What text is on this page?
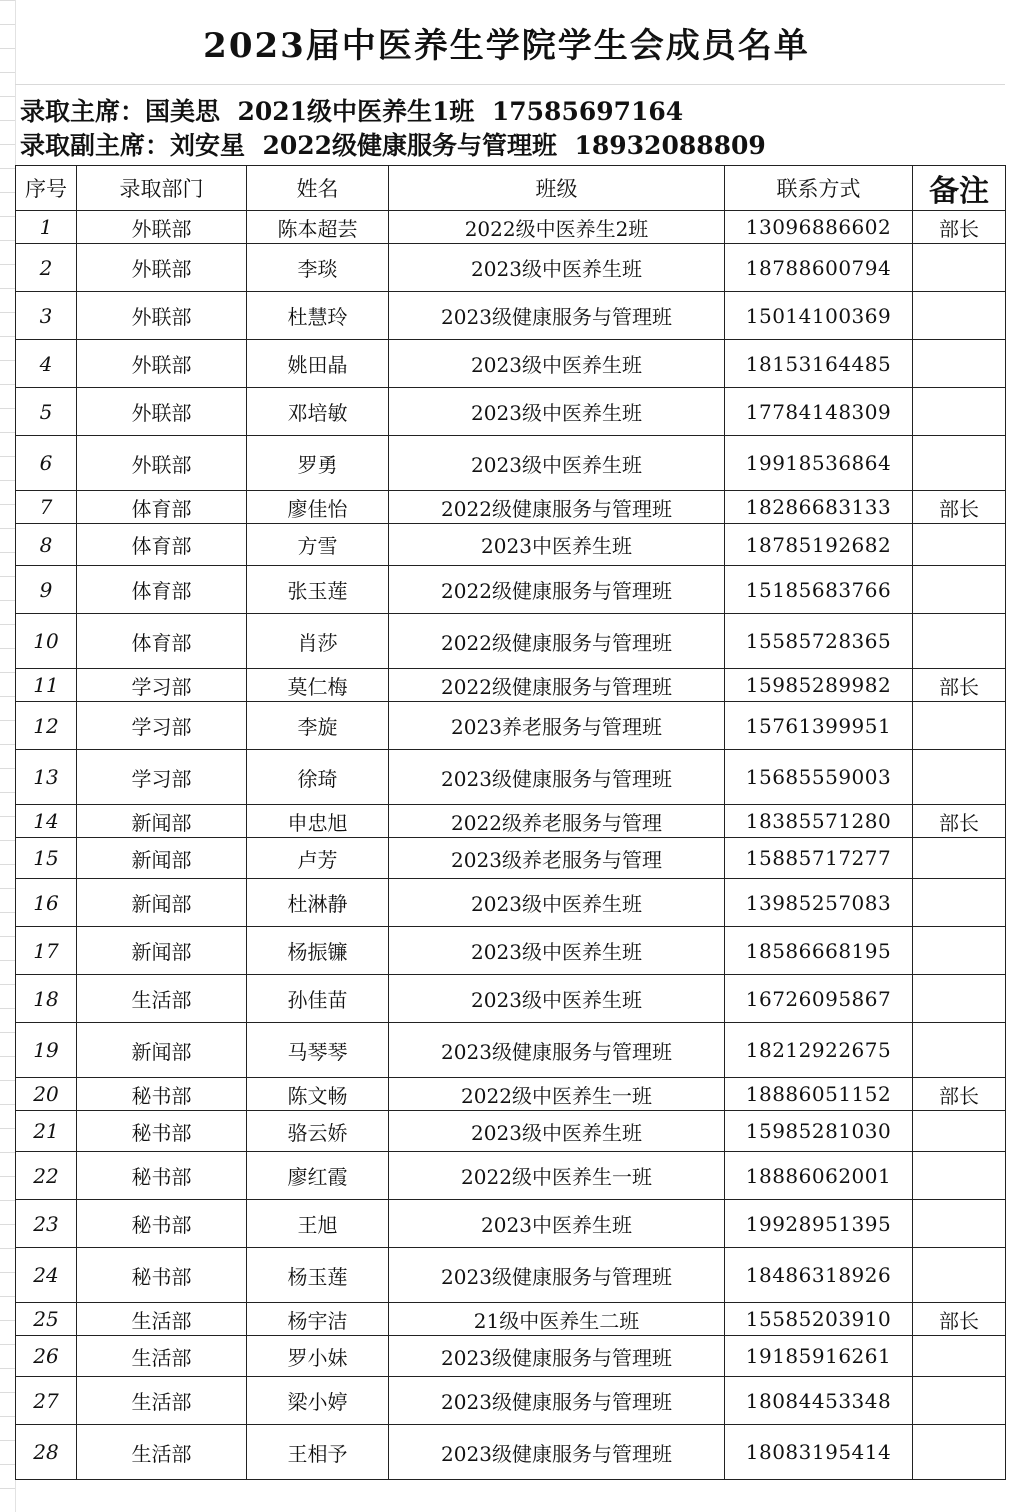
2023届中医养生学院学生会成员名单
录取主席：国美思 2021级中医养生1班 17585697164
录取副主席：刘安星 2022级健康服务与管理班 18932088809
序号	录取部门	姓名	班级	联系方式	备注
1	外联部	陈本超芸	2022级中医养生2班	13096886602	部长
2	外联部	李琰	2023级中医养生班	18788600794	
3	外联部	杜慧玲	2023级健康服务与管理班	15014100369	
4	外联部	姚田晶	2023级中医养生班	18153164485	
5	外联部	邓培敏	2023级中医养生班	17784148309	
6	外联部	罗勇	2023级中医养生班	19918536864	
7	体育部	廖佳怡	2022级健康服务与管理班	18286683133	部长
8	体育部	方雪	2023中医养生班	18785192682	
9	体育部	张玉莲	2022级健康服务与管理班	15185683766	
10	体育部	肖莎	2022级健康服务与管理班	15585728365	
11	学习部	莫仁梅	2022级健康服务与管理班	15985289982	部长
12	学习部	李旋	2023养老服务与管理班	15761399951	
13	学习部	徐琦	2023级健康服务与管理班	15685559003	
14	新闻部	申忠旭	2022级养老服务与管理	18385571280	部长
15	新闻部	卢芳	2023级养老服务与管理	15885717277	
16	新闻部	杜淋静	2023级中医养生班	13985257083	
17	新闻部	杨振镰	2023级中医养生班	18586668195	
18	生活部	孙佳苗	2023级中医养生班	16726095867	
19	新闻部	马琴琴	2023级健康服务与管理班	18212922675	
20	秘书部	陈文畅	2022级中医养生一班	18886051152	部长
21	秘书部	骆云娇	2023级中医养生班	15985281030	
22	秘书部	廖红霞	2022级中医养生一班	18886062001	
23	秘书部	王旭	2023中医养生班	19928951395	
24	秘书部	杨玉莲	2023级健康服务与管理班	18486318926	
25	生活部	杨宇洁	21级中医养生二班	15585203910	部长
26	生活部	罗小妹	2023级健康服务与管理班	19185916261	
27	生活部	梁小婷	2023级健康服务与管理班	18084453348	
28	生活部	王相予	2023级健康服务与管理班	18083195414	
